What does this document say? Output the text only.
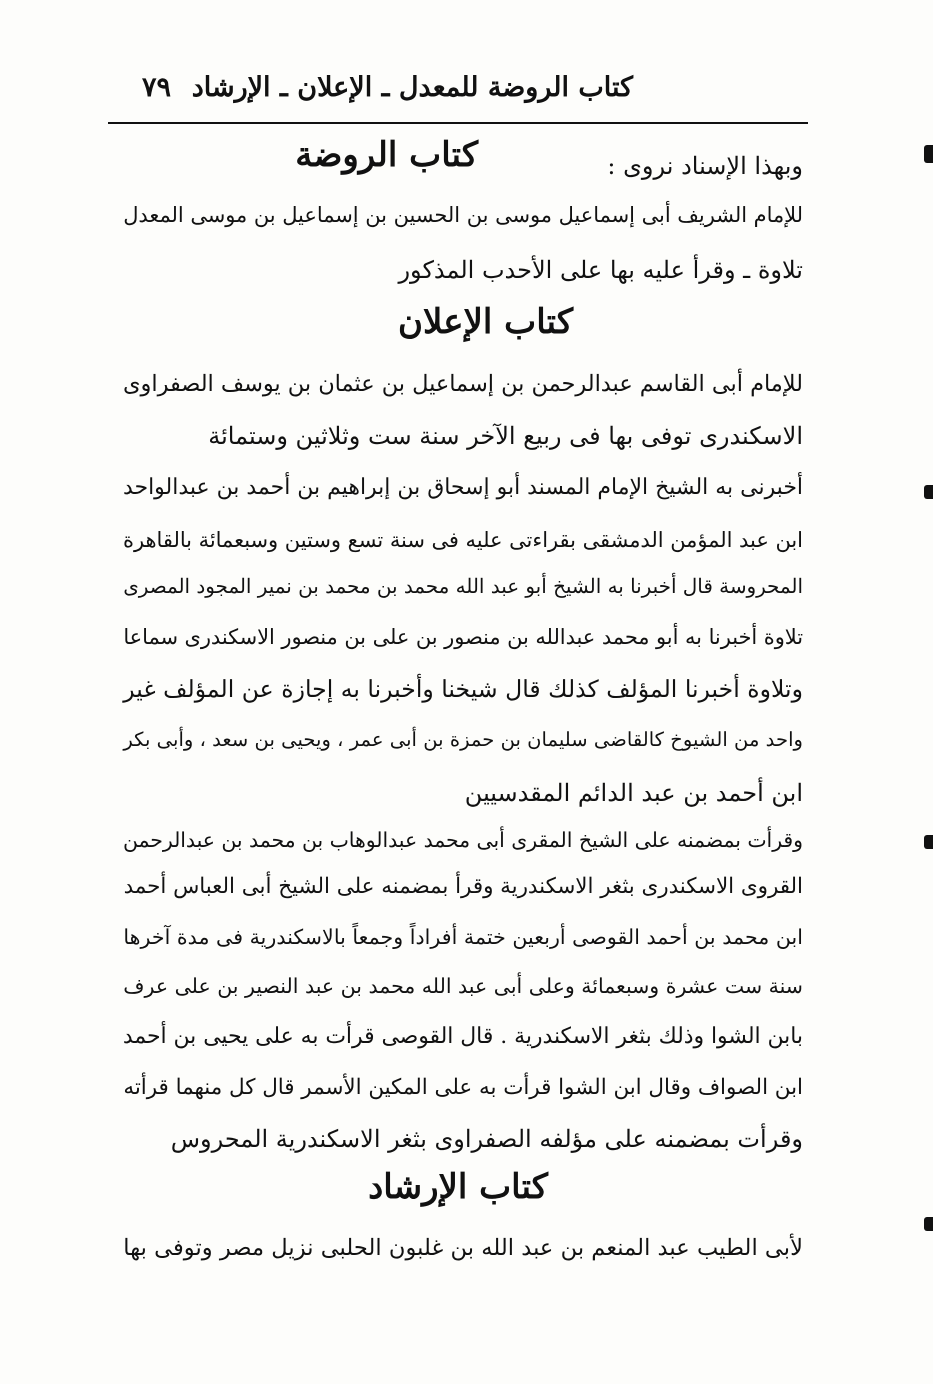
كتاب الروضة للمعدل ـ الإعلان ـ الإرشاد
٧٩
وبهذا الإسناد نروى :
كتاب الروضة
للإمام الشريف أبى إسماعيل موسى بن الحسين بن إسماعيل بن موسى المعدل
تلاوة ـ وقرأ عليه بها على الأحدب المذكور
كتاب الإعلان
للإمام أبى القاسم عبدالرحمن بن إسماعيل بن عثمان بن يوسف الصفراوى
الاسكندرى توفى بها فى ربيع الآخر سنة ست وثلاثين وستمائة
أخبرنى به الشيخ الإمام المسند أبو إسحاق بن إبراهيم بن أحمد بن عبدالواحد
ابن عبد المؤمن الدمشقى بقراءتى عليه فى سنة تسع وستين وسبعمائة بالقاهرة
المحروسة قال أخبرنا به الشيخ أبو عبد الله محمد بن محمد بن نمير المجود المصرى
تلاوة أخبرنا به أبو محمد عبدالله بن منصور بن على بن منصور الاسكندرى سماعا
وتلاوة أخبرنا المؤلف كذلك قال شيخنا وأخبرنا به إجازة عن المؤلف غير
واحد من الشيوخ كالقاضى سليمان بن حمزة بن أبى عمر ، ويحيى بن سعد ، وأبى بكر
ابن أحمد بن عبد الدائم المقدسيين
وقرأت بمضمنه على الشيخ المقرى أبى محمد عبدالوهاب بن محمد بن عبدالرحمن
القروى الاسكندرى بثغر الاسكندرية وقرأ بمضمنه على الشيخ أبى العباس أحمد
ابن محمد بن أحمد القوصى أربعين ختمة أفراداً وجمعاً بالاسكندرية فى مدة آخرها
سنة ست عشرة وسبعمائة وعلى أبى عبد الله محمد بن عبد النصير بن على عرف
بابن الشوا وذلك بثغر الاسكندرية . قال القوصى قرأت به على يحيى بن أحمد
ابن الصواف وقال ابن الشوا قرأت به على المكين الأسمر قال كل منهما قرأته
وقرأت بمضمنه على مؤلفه الصفراوى بثغر الاسكندرية المحروس
كتاب الإرشاد
لأبى الطيب عبد المنعم بن عبد الله بن غلبون الحلبى نزيل مصر وتوفى بها
